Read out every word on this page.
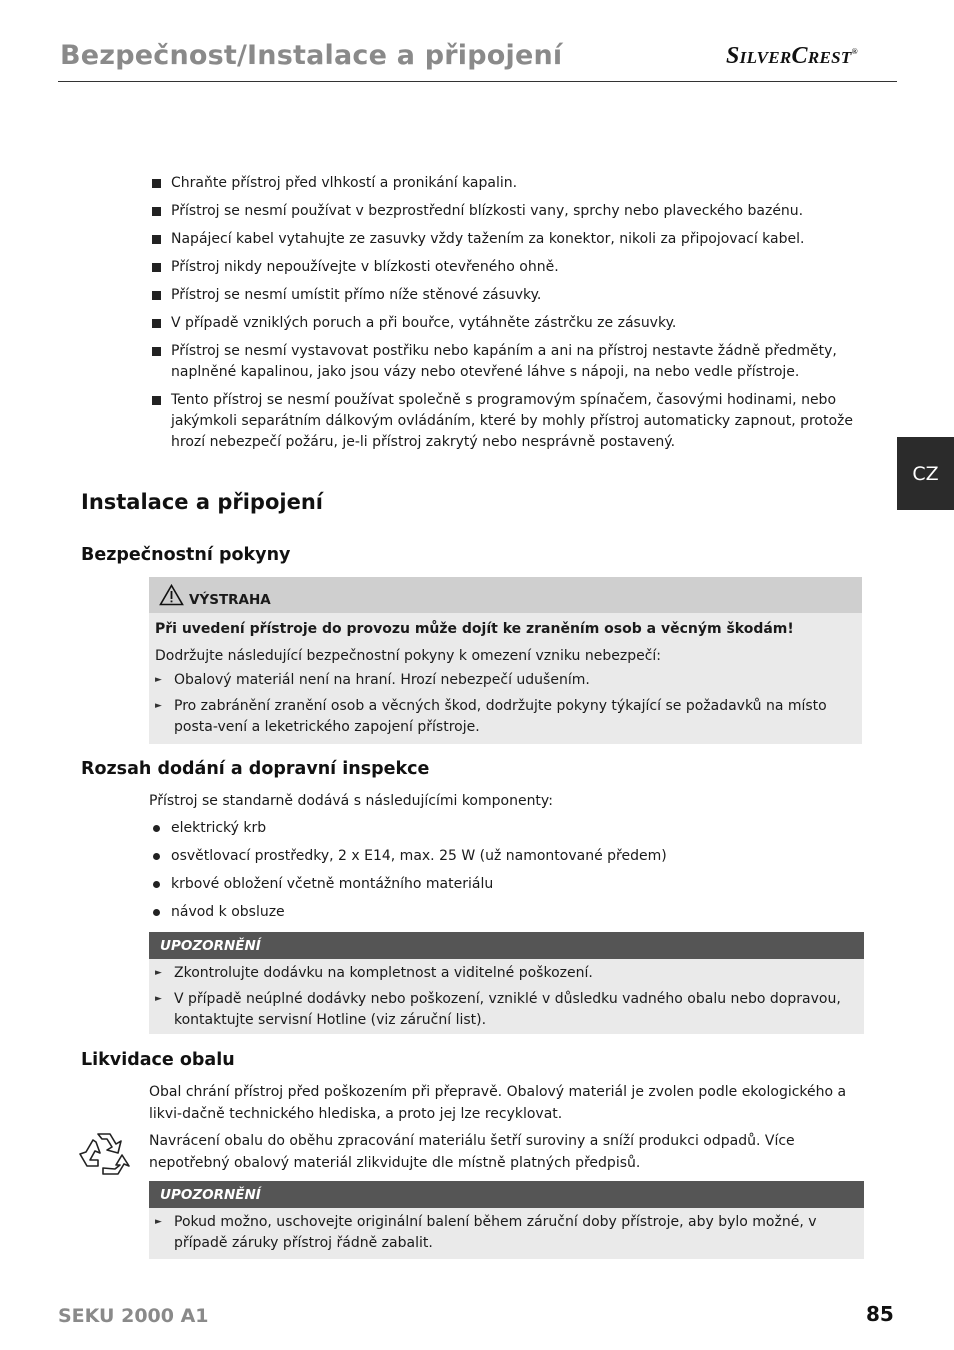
Bezpečnost/Instalace a připojení	SILVERCREST®
CZ
Chraňte přístroj před vlhkostí a pronikání kapalin.
Přístroj se nesmí používat v bezprostřední blízkosti vany, sprchy nebo plaveckého bazénu.
Napájecí kabel vytahujte ze zasuvky vždy tažením za konektor, nikoli za připojovací kabel.
Přístroj nikdy nepoužívejte v blízkosti otevřeného ohně.
Přístroj se nesmí umístit přímo níže stěnové zásuvky.
V případě vzniklých poruch a při bouřce, vytáhněte zástrčku ze zásuvky.
Přístroj se nesmí vystavovat postřiku nebo kapáním a ani na přístroj nestavte žádně předměty, naplněné kapalinou, jako jsou vázy nebo otevřené láhve s nápoji, na nebo vedle přístroje.
Tento přístroj se nesmí používat společně s programovým spínačem, časovými hodinami, nebo jakýmkoli separátním dálkovým ovládáním, které by mohly přístroj automaticky zapnout, protože hrozí nebezpečí požáru, je-li přístroj zakrytý nebo nesprávně postavený.
Instalace a připojení
Bezpečnostní pokyny
VÝSTRAHA
Při uvedení přístroje do provozu může dojít ke zraněním osob a věcným škodám!
Dodržujte následující bezpečnostní pokyny k omezení vzniku nebezpečí:
► Obalový materiál není na hraní. Hrozí nebezpečí udušením.
► Pro zabránění zranění osob a věcných škod, dodržujte pokyny týkající se požadavků na místo posta-vení a leketrického zapojení přístroje.
Rozsah dodání a dopravní inspekce

Přístroj se standarně dodává s následujícími komponenty:

elektrický krb
osvětlovací prostředky, 2 x E14, max. 25 W (už namontované předem)
krbové obložení včetně montážního materiálu
návod k obsluze
UPOZORNĚNÍ
► Zkontrolujte dodávku na kompletnost a viditelné poškození.
► V případě neúplné dodávky nebo poškození, vzniklé v důsledku vadného obalu nebo dopravou, kontaktujte servisní Hotline (viz záruční list).
Likvidace obalu

Obal chrání přístroj před poškozením při přepravě. Obalový materiál je zvolen podle ekologického a likvi-dačně technického hlediska, a proto jej lze recyklovat.

Navrácení obalu do oběhu zpracování materiálu šetří suroviny a sníží produkci odpadů. Více nepotřebný obalový materiál zlikvidujte dle místně platných předpisů.

UPOZORNĚNÍ
► Pokud možno, uschovejte originální balení během záruční doby přístroje, aby bylo možné, v případě záruky přístroj řádně zabalit.
SEKU 2000 A1	85
